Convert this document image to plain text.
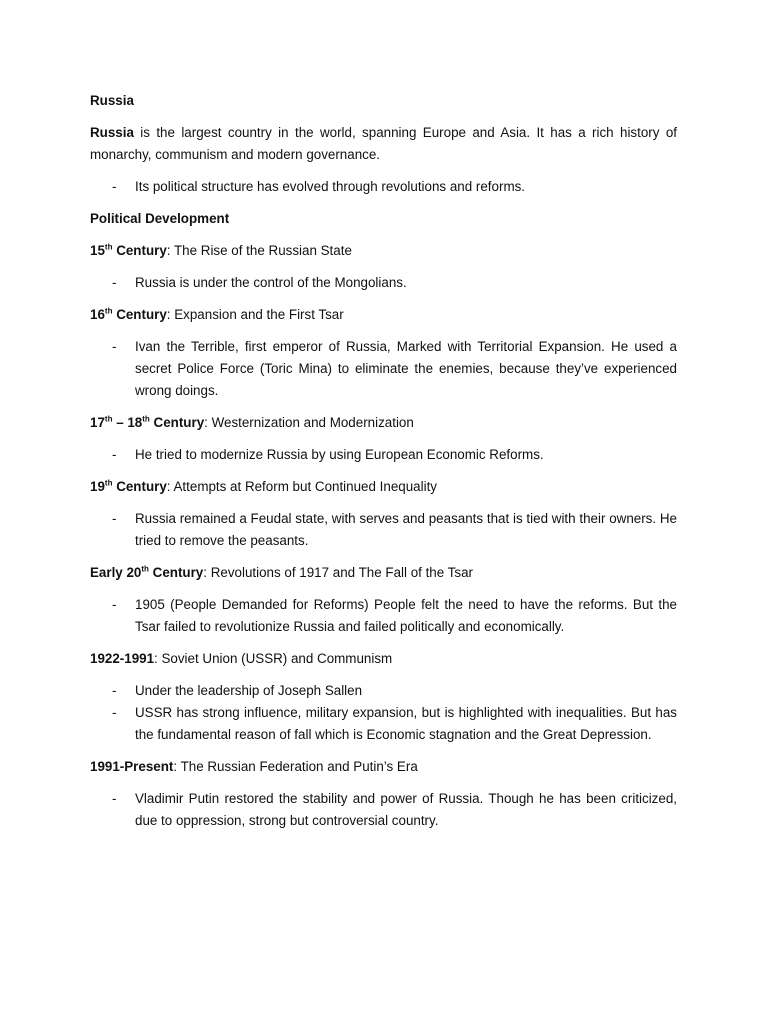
Russia

Russia is the largest country in the world, spanning Europe and Asia. It has a rich history of monarchy, communism and modern governance.

- Its political structure has evolved through revolutions and reforms.
Political Development
15th Century: The Rise of the Russian State
- Russia is under the control of the Mongolians.
16th Century: Expansion and the First Tsar
- Ivan the Terrible, first emperor of Russia, Marked with Territorial Expansion. He used a secret Police Force (Toric Mina) to eliminate the enemies, because they’ve experienced wrong doings.
17th – 18th Century: Westernization and Modernization
- He tried to modernize Russia by using European Economic Reforms.
19th Century: Attempts at Reform but Continued Inequality
- Russia remained a Feudal state, with serves and peasants that is tied with their owners. He tried to remove the peasants.
Early 20th Century: Revolutions of 1917 and The Fall of the Tsar
- 1905 (People Demanded for Reforms) People felt the need to have the reforms. But the Tsar failed to revolutionize Russia and failed politically and economically.
1922-1991: Soviet Union (USSR) and Communism
- Under the leadership of Joseph Sallen
- USSR has strong influence, military expansion, but is highlighted with inequalities. But has the fundamental reason of fall which is Economic stagnation and the Great Depression.
1991-Present: The Russian Federation and Putin’s Era
- Vladimir Putin restored the stability and power of Russia. Though he has been criticized, due to oppression, strong but controversial country.
